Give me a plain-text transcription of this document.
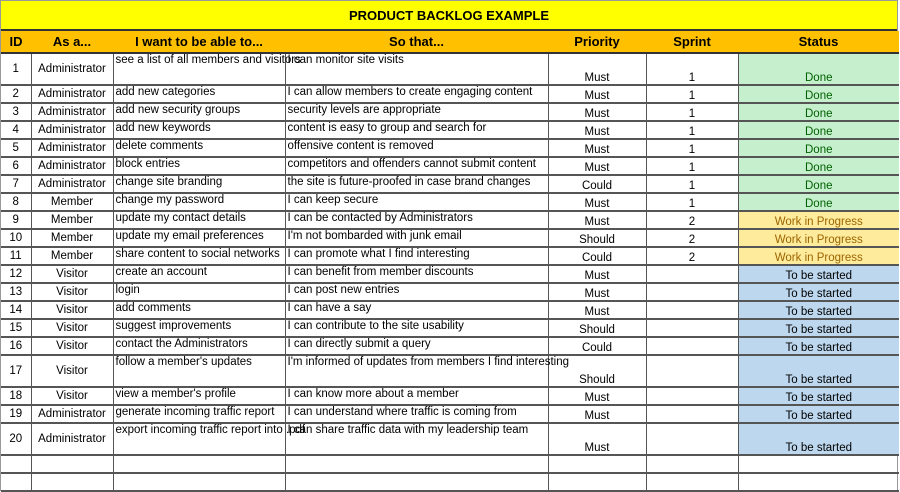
PRODUCT BACKLOG EXAMPLE
ID	As a...	I want to be able to...	So that...	Priority	Sprint	Status
1	Administrator	see a list of all members and visitors	I can monitor site visits	Must	1	Done
2	Administrator	add new categories	I can allow members to create engaging content	Must	1	Done
3	Administrator	add new security groups	security levels are appropriate	Must	1	Done
4	Administrator	add new keywords	content is easy to group and search for	Must	1	Done
5	Administrator	delete comments	offensive content is removed	Must	1	Done
6	Administrator	block entries	competitors and offenders cannot submit content	Must	1	Done
7	Administrator	change site branding	the site is future-proofed in case brand changes	Could	1	Done
8	Member	change my password	I can keep secure	Must	1	Done
9	Member	update my contact details	I can be contacted by Administrators	Must	2	Work in Progress
10	Member	update my email preferences	I'm not bombarded with junk email	Should	2	Work in Progress
11	Member	share content to social networks	I can promote what I find interesting	Could	2	Work in Progress
12	Visitor	create an account	I can benefit from member discounts	Must		To be started
13	Visitor	login	I can post new entries	Must		To be started
14	Visitor	add comments	I can have a say	Must		To be started
15	Visitor	suggest improvements	I can contribute to the site usability	Should		To be started
16	Visitor	contact the Administrators	I can directly submit a query	Could		To be started
17	Visitor	follow a member's updates	I'm informed of updates from members I find interesting	Should		To be started
18	Visitor	view a member's profile	I can know more about a member	Must		To be started
19	Administrator	generate incoming traffic report	I can understand where traffic is coming from	Must		To be started
20	Administrator	export incoming traffic report into .pdf	I can share traffic data with my leadership team	Must		To be started
